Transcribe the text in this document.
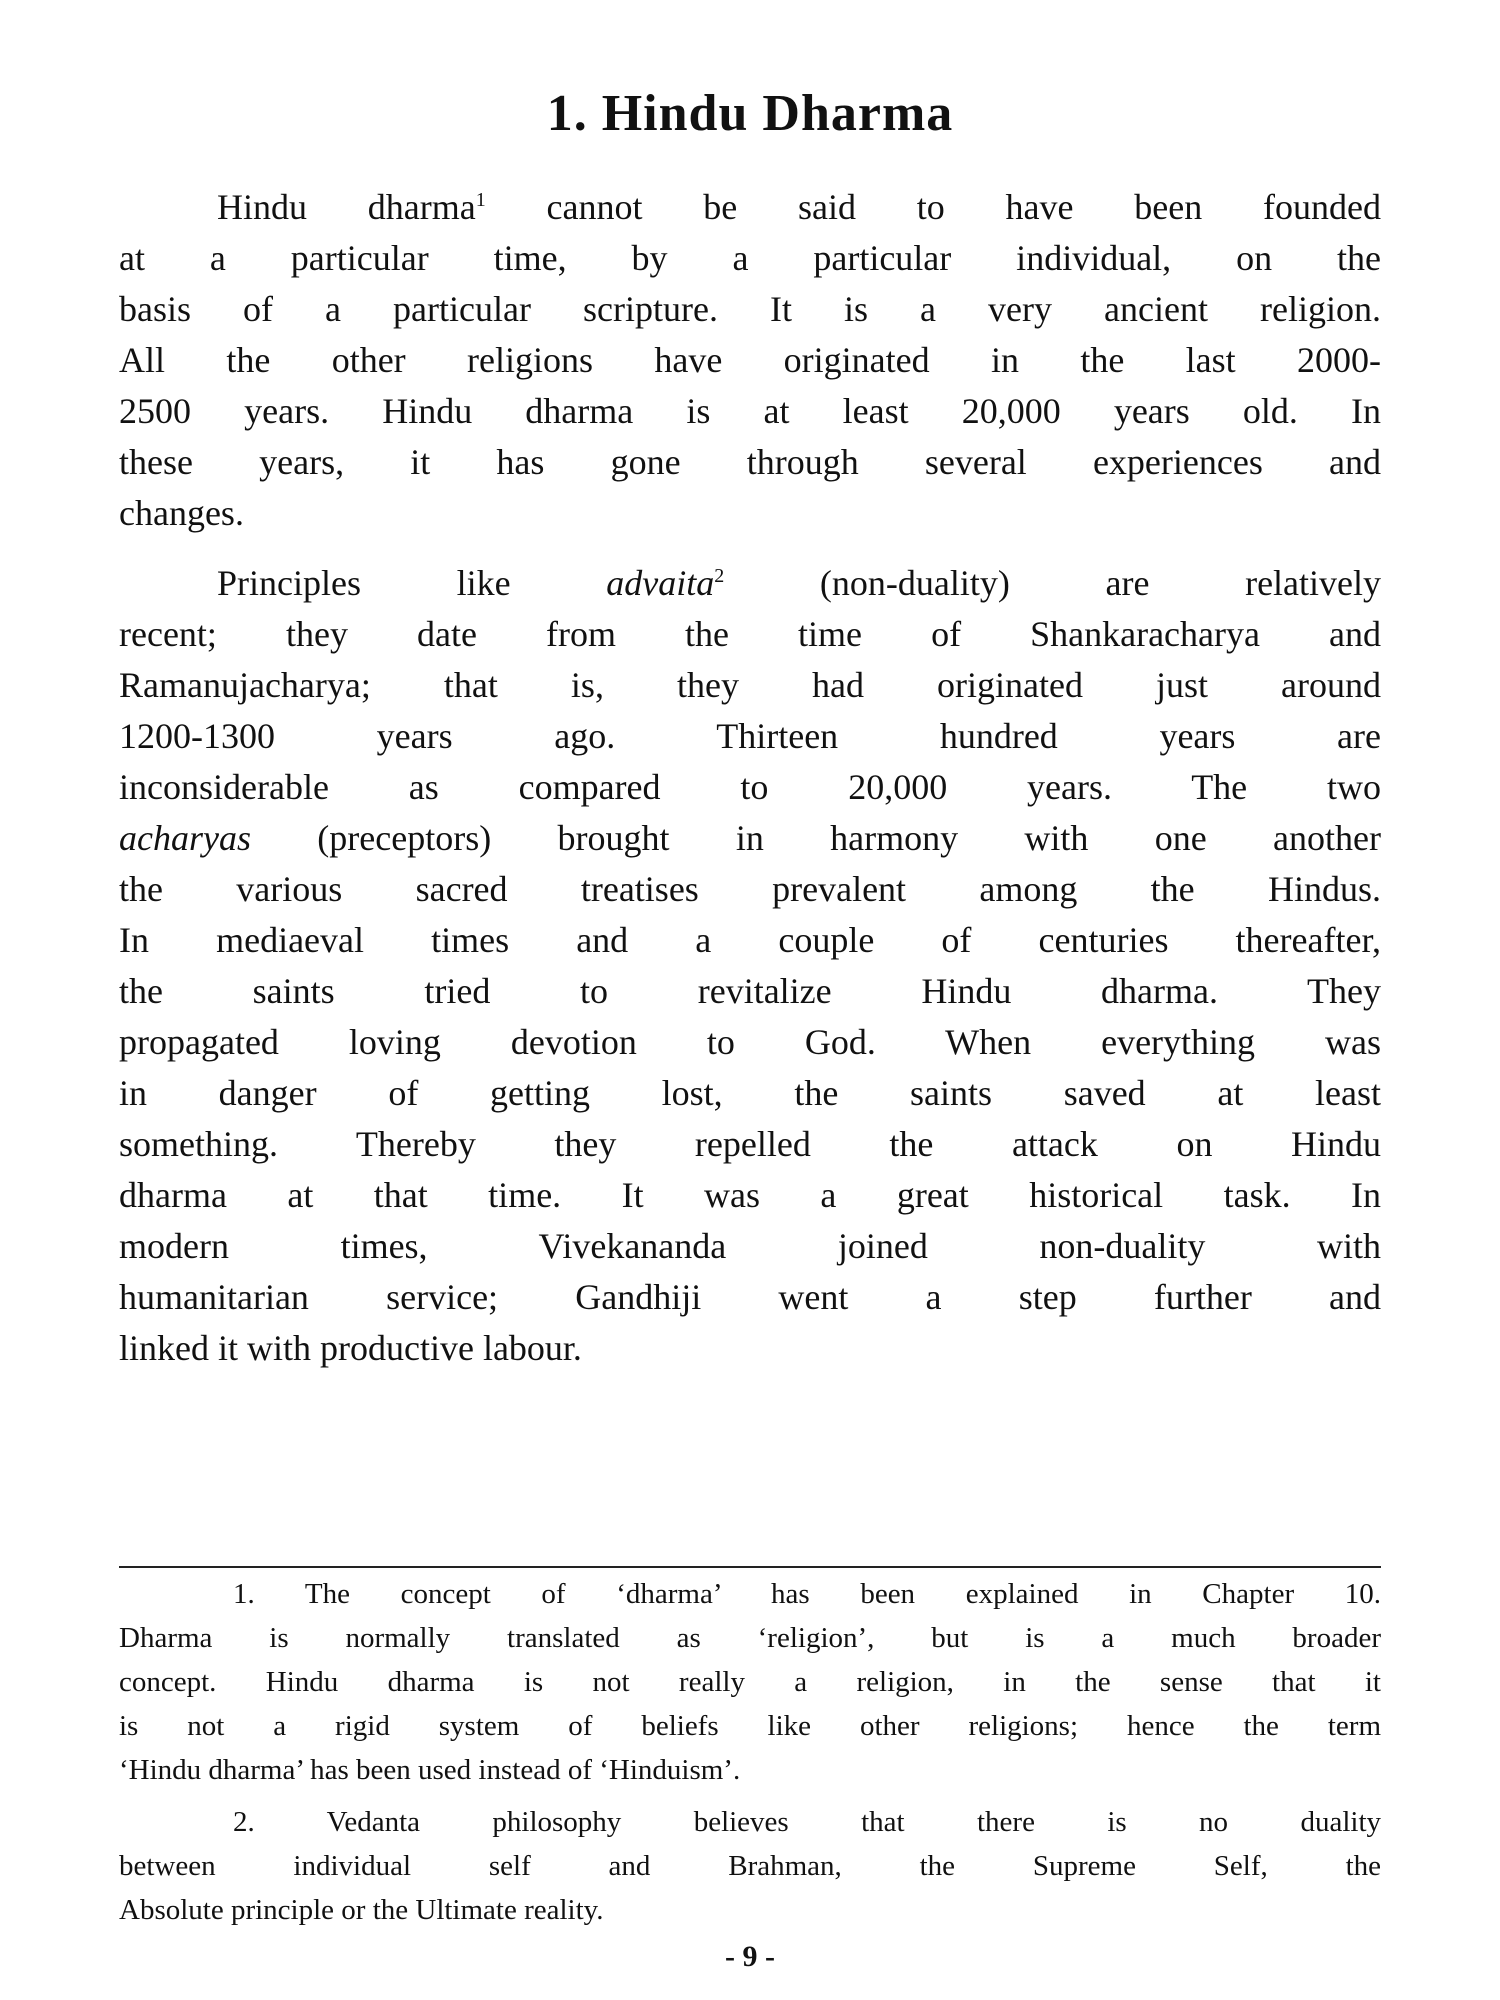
1. Hindu Dharma
Hindu dharma$^1$ cannot be said to have been founded
at a particular time, by a particular individual, on the
basis of a particular scripture. It is a very ancient religion.
All the other religions have originated in the last 2000-
2500 years. Hindu dharma is at least 20,000 years old. In
these years, it has gone through several experiences and
changes.
Principles like advaita$^2$ (non-duality) are relatively
recent; they date from the time of Shankaracharya and
Ramanujacharya; that is, they had originated just around
1200-1300 years ago. Thirteen hundred years are
inconsiderable as compared to 20,000 years. The two
acharyas (preceptors) brought in harmony with one another
the various sacred treatises prevalent among the Hindus.
In mediaeval times and a couple of centuries thereafter,
the saints tried to revitalize Hindu dharma. They
propagated loving devotion to God. When everything was
in danger of getting lost, the saints saved at least
something. Thereby they repelled the attack on Hindu
dharma at that time. It was a great historical task. In
modern times, Vivekananda joined non-duality with
humanitarian service; Gandhiji went a step further and
linked it with productive labour.
1. The concept of ‘dharma’ has been explained in Chapter 10.
Dharma is normally translated as ‘religion’, but is a much broader
concept. Hindu dharma is not really a religion, in the sense that it
is not a rigid system of beliefs like other religions; hence the term
‘Hindu dharma’ has been used instead of ‘Hinduism’.
2. Vedanta philosophy believes that there is no duality
between individual self and Brahman, the Supreme Self, the
Absolute principle or the Ultimate reality.
- 9 -
